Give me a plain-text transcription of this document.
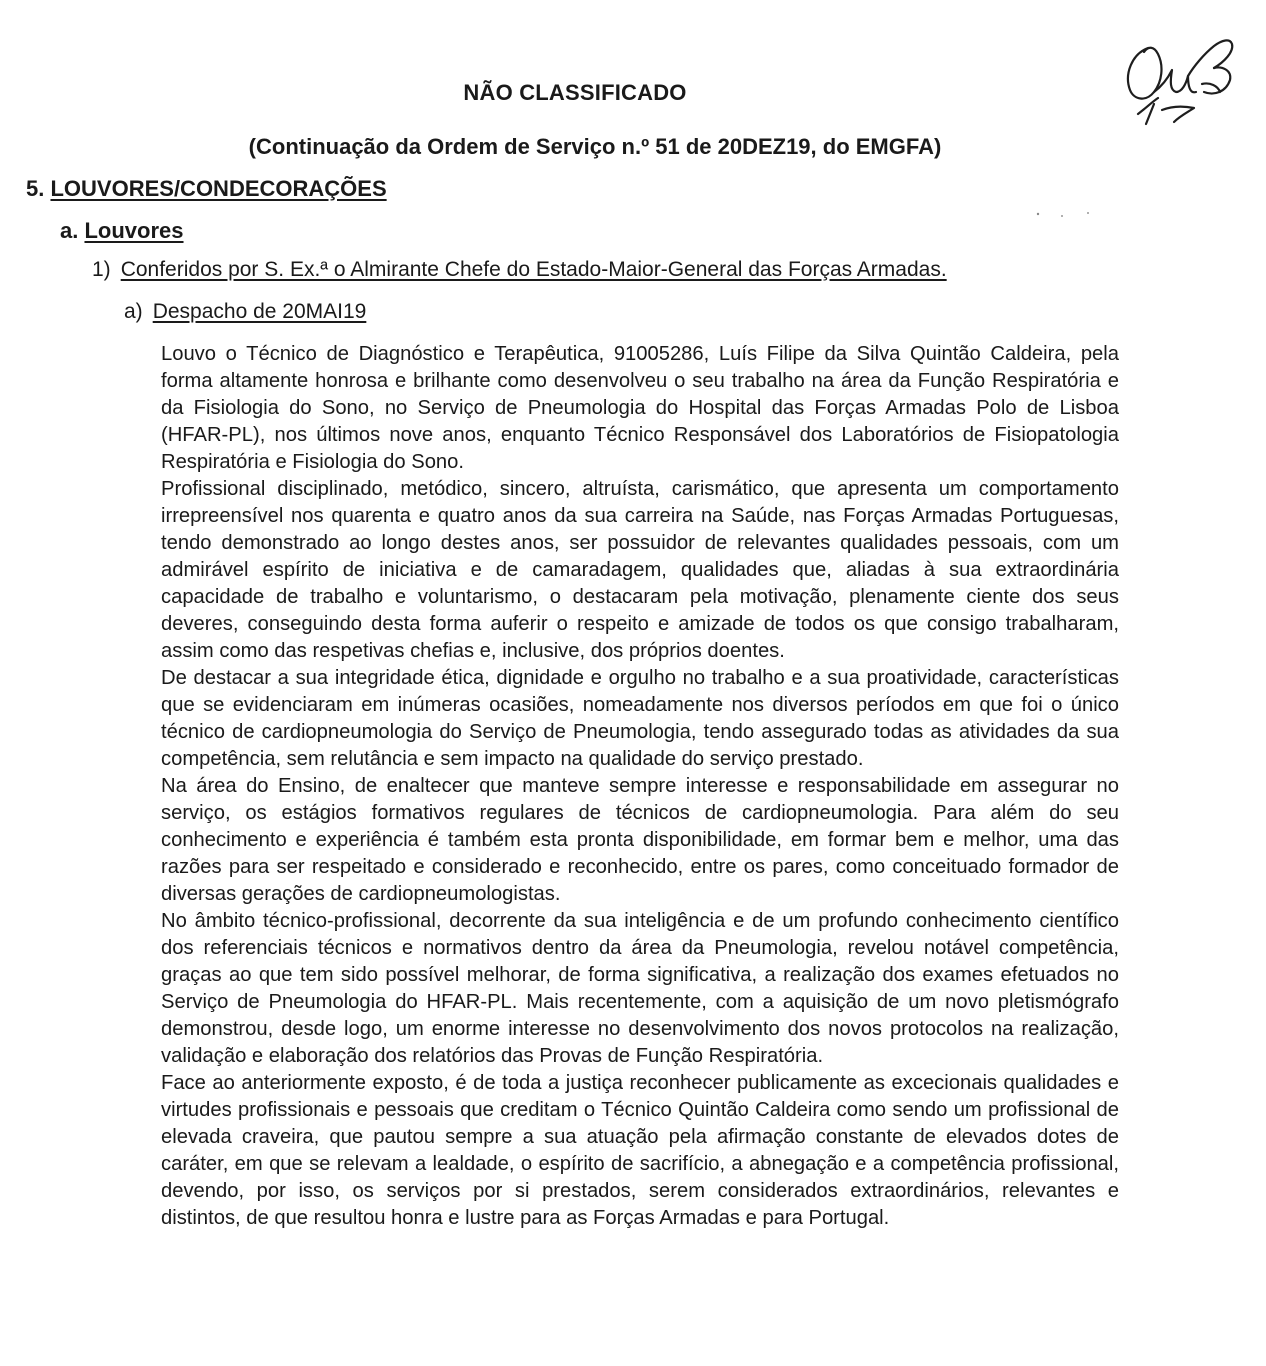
NÃO CLASSIFICADO
(Continuação da Ordem de Serviço n.º 51 de 20DEZ19, do EMGFA)
5. LOUVORES/CONDECORAÇÕES
a. Louvores
1) Conferidos por S. Ex.ª o Almirante Chefe do Estado-Maior-General das Forças Armadas.
a) Despacho de 20MAI19

Louvo o Técnico de Diagnóstico e Terapêutica, 91005286, Luís Filipe da Silva Quintão Caldeira, pela forma altamente honrosa e brilhante como desenvolveu o seu trabalho na área da Função Respiratória e da Fisiologia do Sono, no Serviço de Pneumologia do Hospital das Forças Armadas Polo de Lisboa (HFAR-PL), nos últimos nove anos, enquanto Técnico Responsável dos Laboratórios de Fisiopatologia Respiratória e Fisiologia do Sono.

Profissional disciplinado, metódico, sincero, altruísta, carismático, que apresenta um comportamento irrepreensível nos quarenta e quatro anos da sua carreira na Saúde, nas Forças Armadas Portuguesas, tendo demonstrado ao longo destes anos, ser possuidor de relevantes qualidades pessoais, com um admirável espírito de iniciativa e de camaradagem, qualidades que, aliadas à sua extraordinária capacidade de trabalho e voluntarismo, o destacaram pela motivação, plenamente ciente dos seus deveres, conseguindo desta forma auferir o respeito e amizade de todos os que consigo trabalharam, assim como das respetivas chefias e, inclusive, dos próprios doentes.

De destacar a sua integridade ética, dignidade e orgulho no trabalho e a sua proatividade, características que se evidenciaram em inúmeras ocasiões, nomeadamente nos diversos períodos em que foi o único técnico de cardiopneumologia do Serviço de Pneumologia, tendo assegurado todas as atividades da sua competência, sem relutância e sem impacto na qualidade do serviço prestado.

Na área do Ensino, de enaltecer que manteve sempre interesse e responsabilidade em assegurar no serviço, os estágios formativos regulares de técnicos de cardiopneumologia. Para além do seu conhecimento e experiência é também esta pronta disponibilidade, em formar bem e melhor, uma das razões para ser respeitado e considerado e reconhecido, entre os pares, como conceituado formador de diversas gerações de cardiopneumologistas.

No âmbito técnico-profissional, decorrente da sua inteligência e de um profundo conhecimento científico dos referenciais técnicos e normativos dentro da área da Pneumologia, revelou notável competência, graças ao que tem sido possível melhorar, de forma significativa, a realização dos exames efetuados no Serviço de Pneumologia do HFAR-PL. Mais recentemente, com a aquisição de um novo pletismógrafo demonstrou, desde logo, um enorme interesse no desenvolvimento dos novos protocolos na realização, validação e elaboração dos relatórios das Provas de Função Respiratória.

Face ao anteriormente exposto, é de toda a justiça reconhecer publicamente as excecionais qualidades e virtudes profissionais e pessoais que creditam o Técnico Quintão Caldeira como sendo um profissional de elevada craveira, que pautou sempre a sua atuação pela afirmação constante de elevados dotes de caráter, em que se relevam a lealdade, o espírito de sacrifício, a abnegação e a competência profissional, devendo, por isso, os serviços por si prestados, serem considerados extraordinários, relevantes e distintos, de que resultou honra e lustre para as Forças Armadas e para Portugal.
